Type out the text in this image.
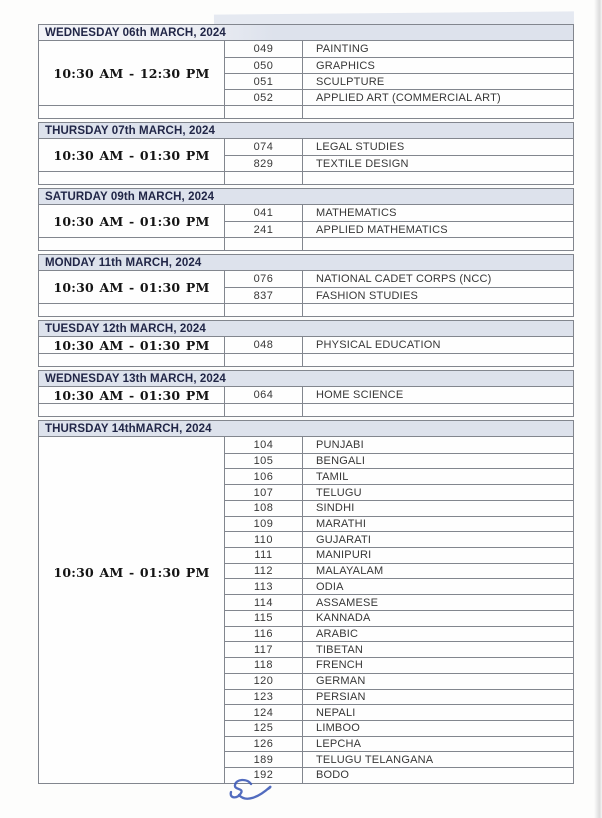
WEDNESDAY 06th MARCH, 2024
10:30 AM - 12:30 PM
049	PAINTING
050	GRAPHICS
051	SCULPTURE
052	APPLIED ART (COMMERCIAL ART)
THURSDAY 07th MARCH, 2024
10:30 AM - 01:30 PM
074	LEGAL STUDIES
829	TEXTILE DESIGN
SATURDAY 09th MARCH, 2024
10:30 AM - 01:30 PM
041	MATHEMATICS
241	APPLIED MATHEMATICS
MONDAY 11th MARCH, 2024
10:30 AM - 01:30 PM
076	NATIONAL CADET CORPS (NCC)
837	FASHION STUDIES
TUESDAY 12th MARCH, 2024
10:30 AM - 01:30 PM	048	PHYSICAL EDUCATION
WEDNESDAY 13th MARCH, 2024
10:30 AM - 01:30 PM	064	HOME SCIENCE
THURSDAY 14thMARCH, 2024
10:30 AM - 01:30 PM
104	PUNJABI
105	BENGALI
106	TAMIL
107	TELUGU
108	SINDHI
109	MARATHI
110	GUJARATI
111	MANIPURI
112	MALAYALAM
113	ODIA
114	ASSAMESE
115	KANNADA
116	ARABIC
117	TIBETAN
118	FRENCH
120	GERMAN
123	PERSIAN
124	NEPALI
125	LIMBOO
126	LEPCHA
189	TELUGU TELANGANA
192	BODO
